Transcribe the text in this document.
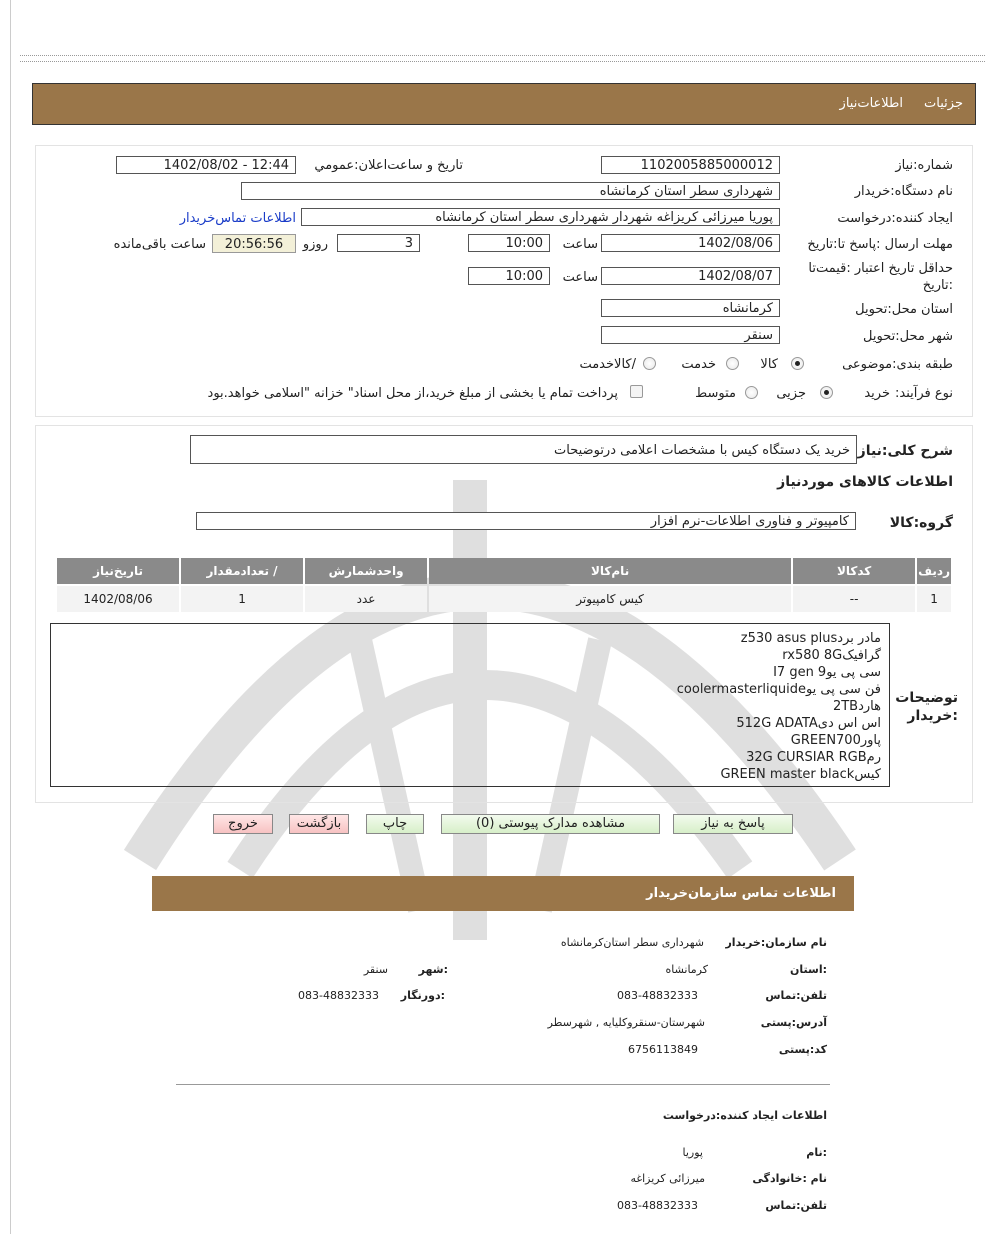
جزئیات
اطلاعات‌نیاز
شماره:نیاز
1102005885000012
تاریخ و ساعت‌اعلان:عمومي
1402/08/02 - 12:44
نام دستگاه:خریدار
شهرداری سطر استان کرمانشاه
ایجاد کننده:درخواست
پوریا میرزائی کریزاغه شهردار شهرداری سطر استان کرمانشاه
اطلاعات تماس‌خریدار
مهلت ارسال :پاسخ تا:تاریخ
1402/08/06
ساعت
10:00
3
روزو
20:56:56
ساعت باقی‌مانده
حداقل تاریخ اعتبار :قیمت‌تا
:تاریخ
1402/08/07
ساعت
10:00
استان محل:تحویل
کرمانشاه
شهر محل:تحویل
سنقر
طبقه بندی:موضوعی
کالا
خدمت
/کالاخدمت
نوع فرآیند:
خرید
جزیی
متوسط
پرداخت تمام یا بخشی از مبلغ خرید،از محل اسناد" خزانه "اسلامی خواهد.بود
شرح کلی:نیاز
خرید یک دستگاه کیس با مشخصات اعلامی درتوضیحات
اطلاعات کالاهای موردنیاز
گروه:کالا
کامپیوتر و فناوری اطلاعات-نرم افزار
ردیف	کدکالا	نام‌کالا	واحدشمارش	/ تعدادمقدار	تاریخ‌نیاز
1	--	کیس کامپیوتر	عدد	1	1402/08/06
توضیحات
:خریدار
مادر بردz530 asus plus
گرافیکrx580 8G
سی پی یوI7 gen 9
فن سی پی یوcoolermasterliquide
هارد2TB
اس اس دی512G ADATA
پاورGREEN700
رم32G CURSIAR RGB
کیسGREEN master black
پاسخ به نیاز
مشاهده مدارک پیوستی (0)
چاپ
بازگشت
خروج
اطلاعات تماس سازمان‌خریدار
نام سازمان:خریدار
شهرداری سطر استان‌کرمانشاه
:استان
کرمانشاه
:شهر
سنقر
تلفن:تماس
083-48832333
:دورنگار
083-48832333
آدرس:پستی
شهرستان-سنقروکلیایه , شهرسطر
کد:پستی
6756113849
اطلاعات ایجاد کننده:درخواست
:نام
پوریا
نام :خانوادگی
میرزائی کریزاغه
تلفن:تماس
083-48832333
